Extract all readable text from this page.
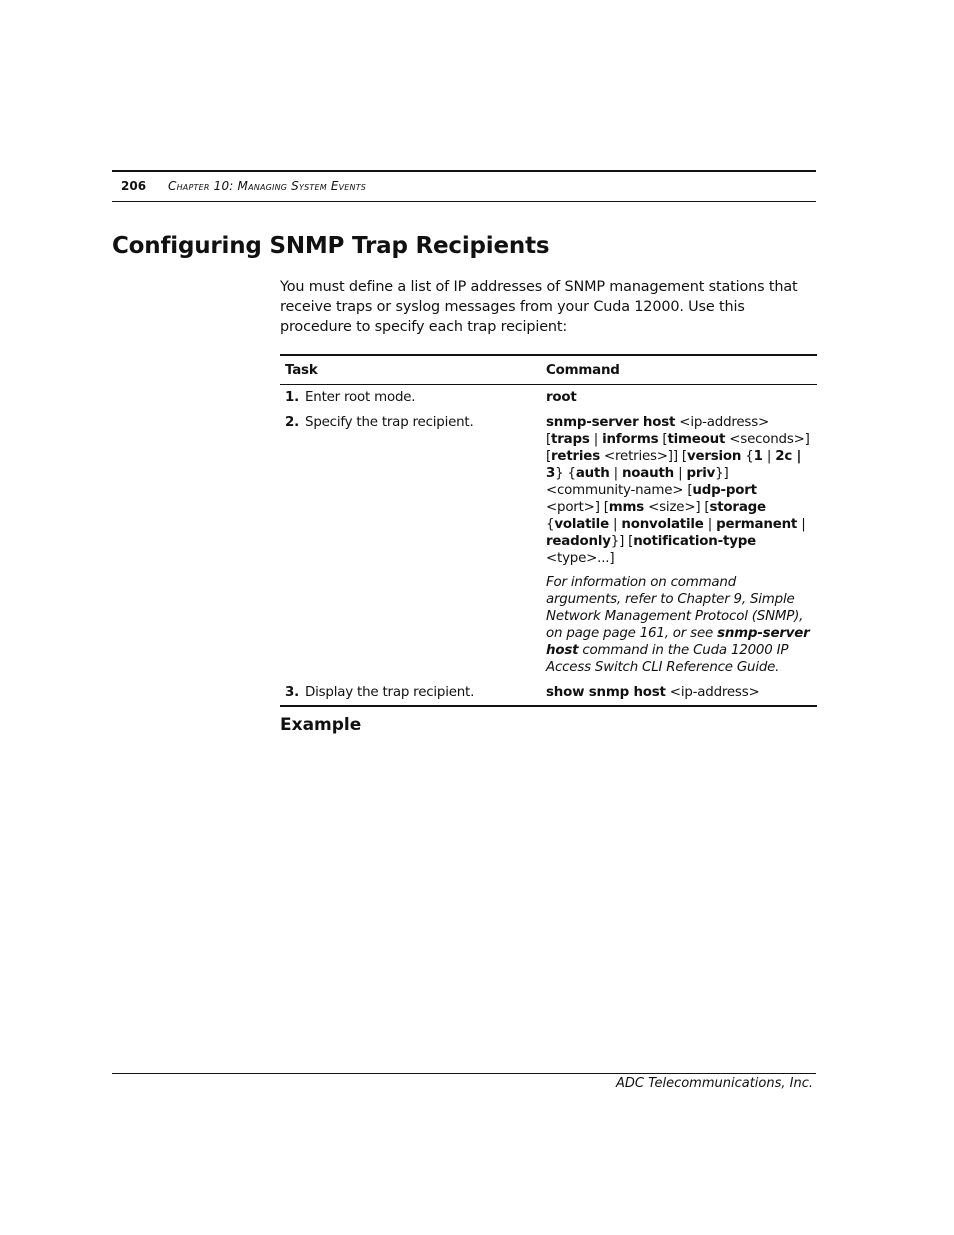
206 Chapter 10: Managing System Events
Configuring SNMP Trap Recipients

You must define a list of IP addresses of SNMP management stations that receive traps or syslog messages from your Cuda 12000. Use this procedure to specify each trap recipient:

Task	Command
1. Enter root mode.	root
2. Specify the trap recipient.	snmp-server host <ip-address> [traps | informs [timeout <seconds>][retries <retries>]] [version {1 | 2c | 3} {auth | noauth | priv}] <community-name> [udp-port <port>] [mms <size>] [storage {volatile | nonvolatile | permanent | readonly}] [notification-type <type>...]
For information on command arguments, refer to Chapter 9, Simple Network Management Protocol (SNMP), on page page 161, or see snmp-server host command in the Cuda 12000 IP Access Switch CLI Reference Guide.

3. Display the trap recipient.	show snmp host <ip-address>
Example
ADC Telecommunications, Inc.
